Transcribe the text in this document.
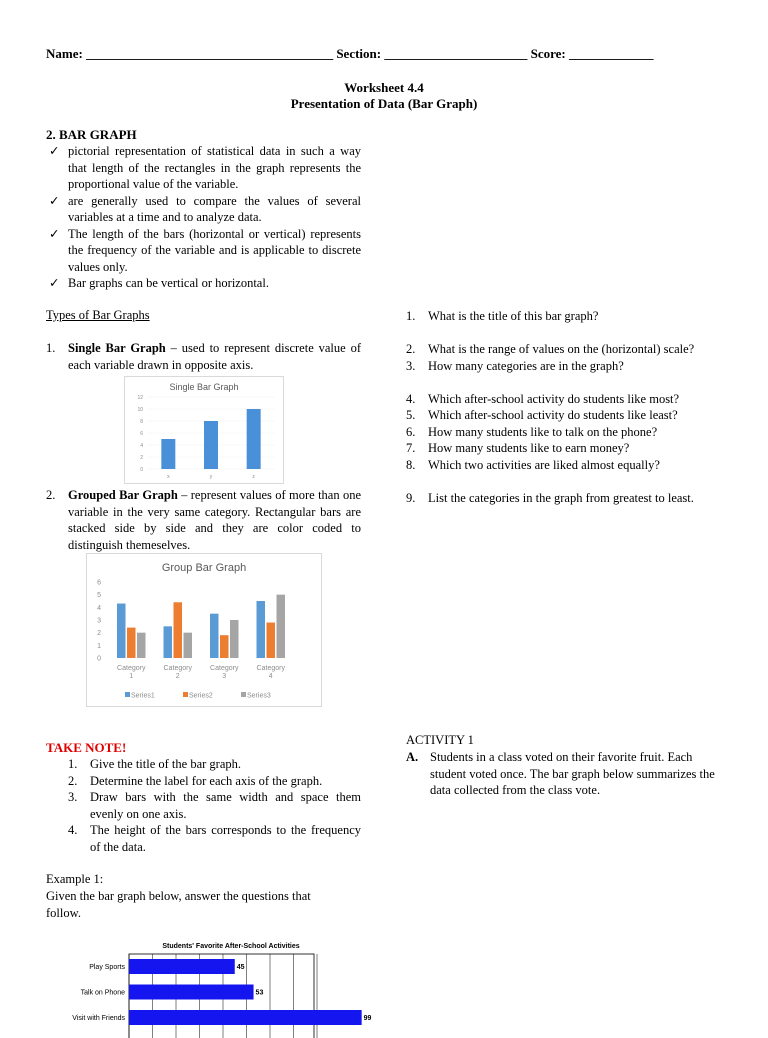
Name: ______________________________________ Section: ______________________ Score: _____________
Worksheet 4.4
Presentation of Data (Bar Graph)
2. BAR GRAPH
✓ pictorial representation of statistical data in such a way that length of the rectangles in the graph represents the proportional value of the variable.
✓ are generally used to compare the values of several variables at a time and to analyze data.
✓ The length of the bars (horizontal or vertical) represents the frequency of the variable and is applicable to discrete values only.
✓ Bar graphs can be vertical or horizontal.
Types of Bar Graphs
1. Single Bar Graph – used to represent discrete value of each variable drawn in opposite axis.
Single Bar Graph
0
2
4
6
8
10
12
x	y	z
2. Grouped Bar Graph – represent values of more than one variable in the very same category. Rectangular bars are stacked side by side and they are color coded to distinguish themeselves.
Group Bar Graph
0
1
2
3
4
5
6
Category
1
Category
2
Category
3
Category
4
Series1	Series2	Series3
TAKE NOTE!
1. Give the title of the bar graph.
2. Determine the label for each axis of the graph.
3. Draw bars with the same width and space them evenly on one axis.
4. The height of the bars corresponds to the frequency of the data.
Example 1:
Given the bar graph below, answer the questions that follow.
Students' Favorite After-School Activities
Play Sports	45
Talk on Phone	53
Visit with Friends	99
1. What is the title of this bar graph?
2. What is the range of values on the (horizontal) scale?
3. How many categories are in the graph?
4. Which after-school activity do students like most?
5. Which after-school activity do students like least?
6. How many students like to talk on the phone?
7. How many students like to earn money?
8. Which two activities are liked almost equally?
9. List the categories in the graph from greatest to least.
ACTIVITY 1
A. Students in a class voted on their favorite fruit. Each student voted once. The bar graph below summarizes the data collected from the class vote.
